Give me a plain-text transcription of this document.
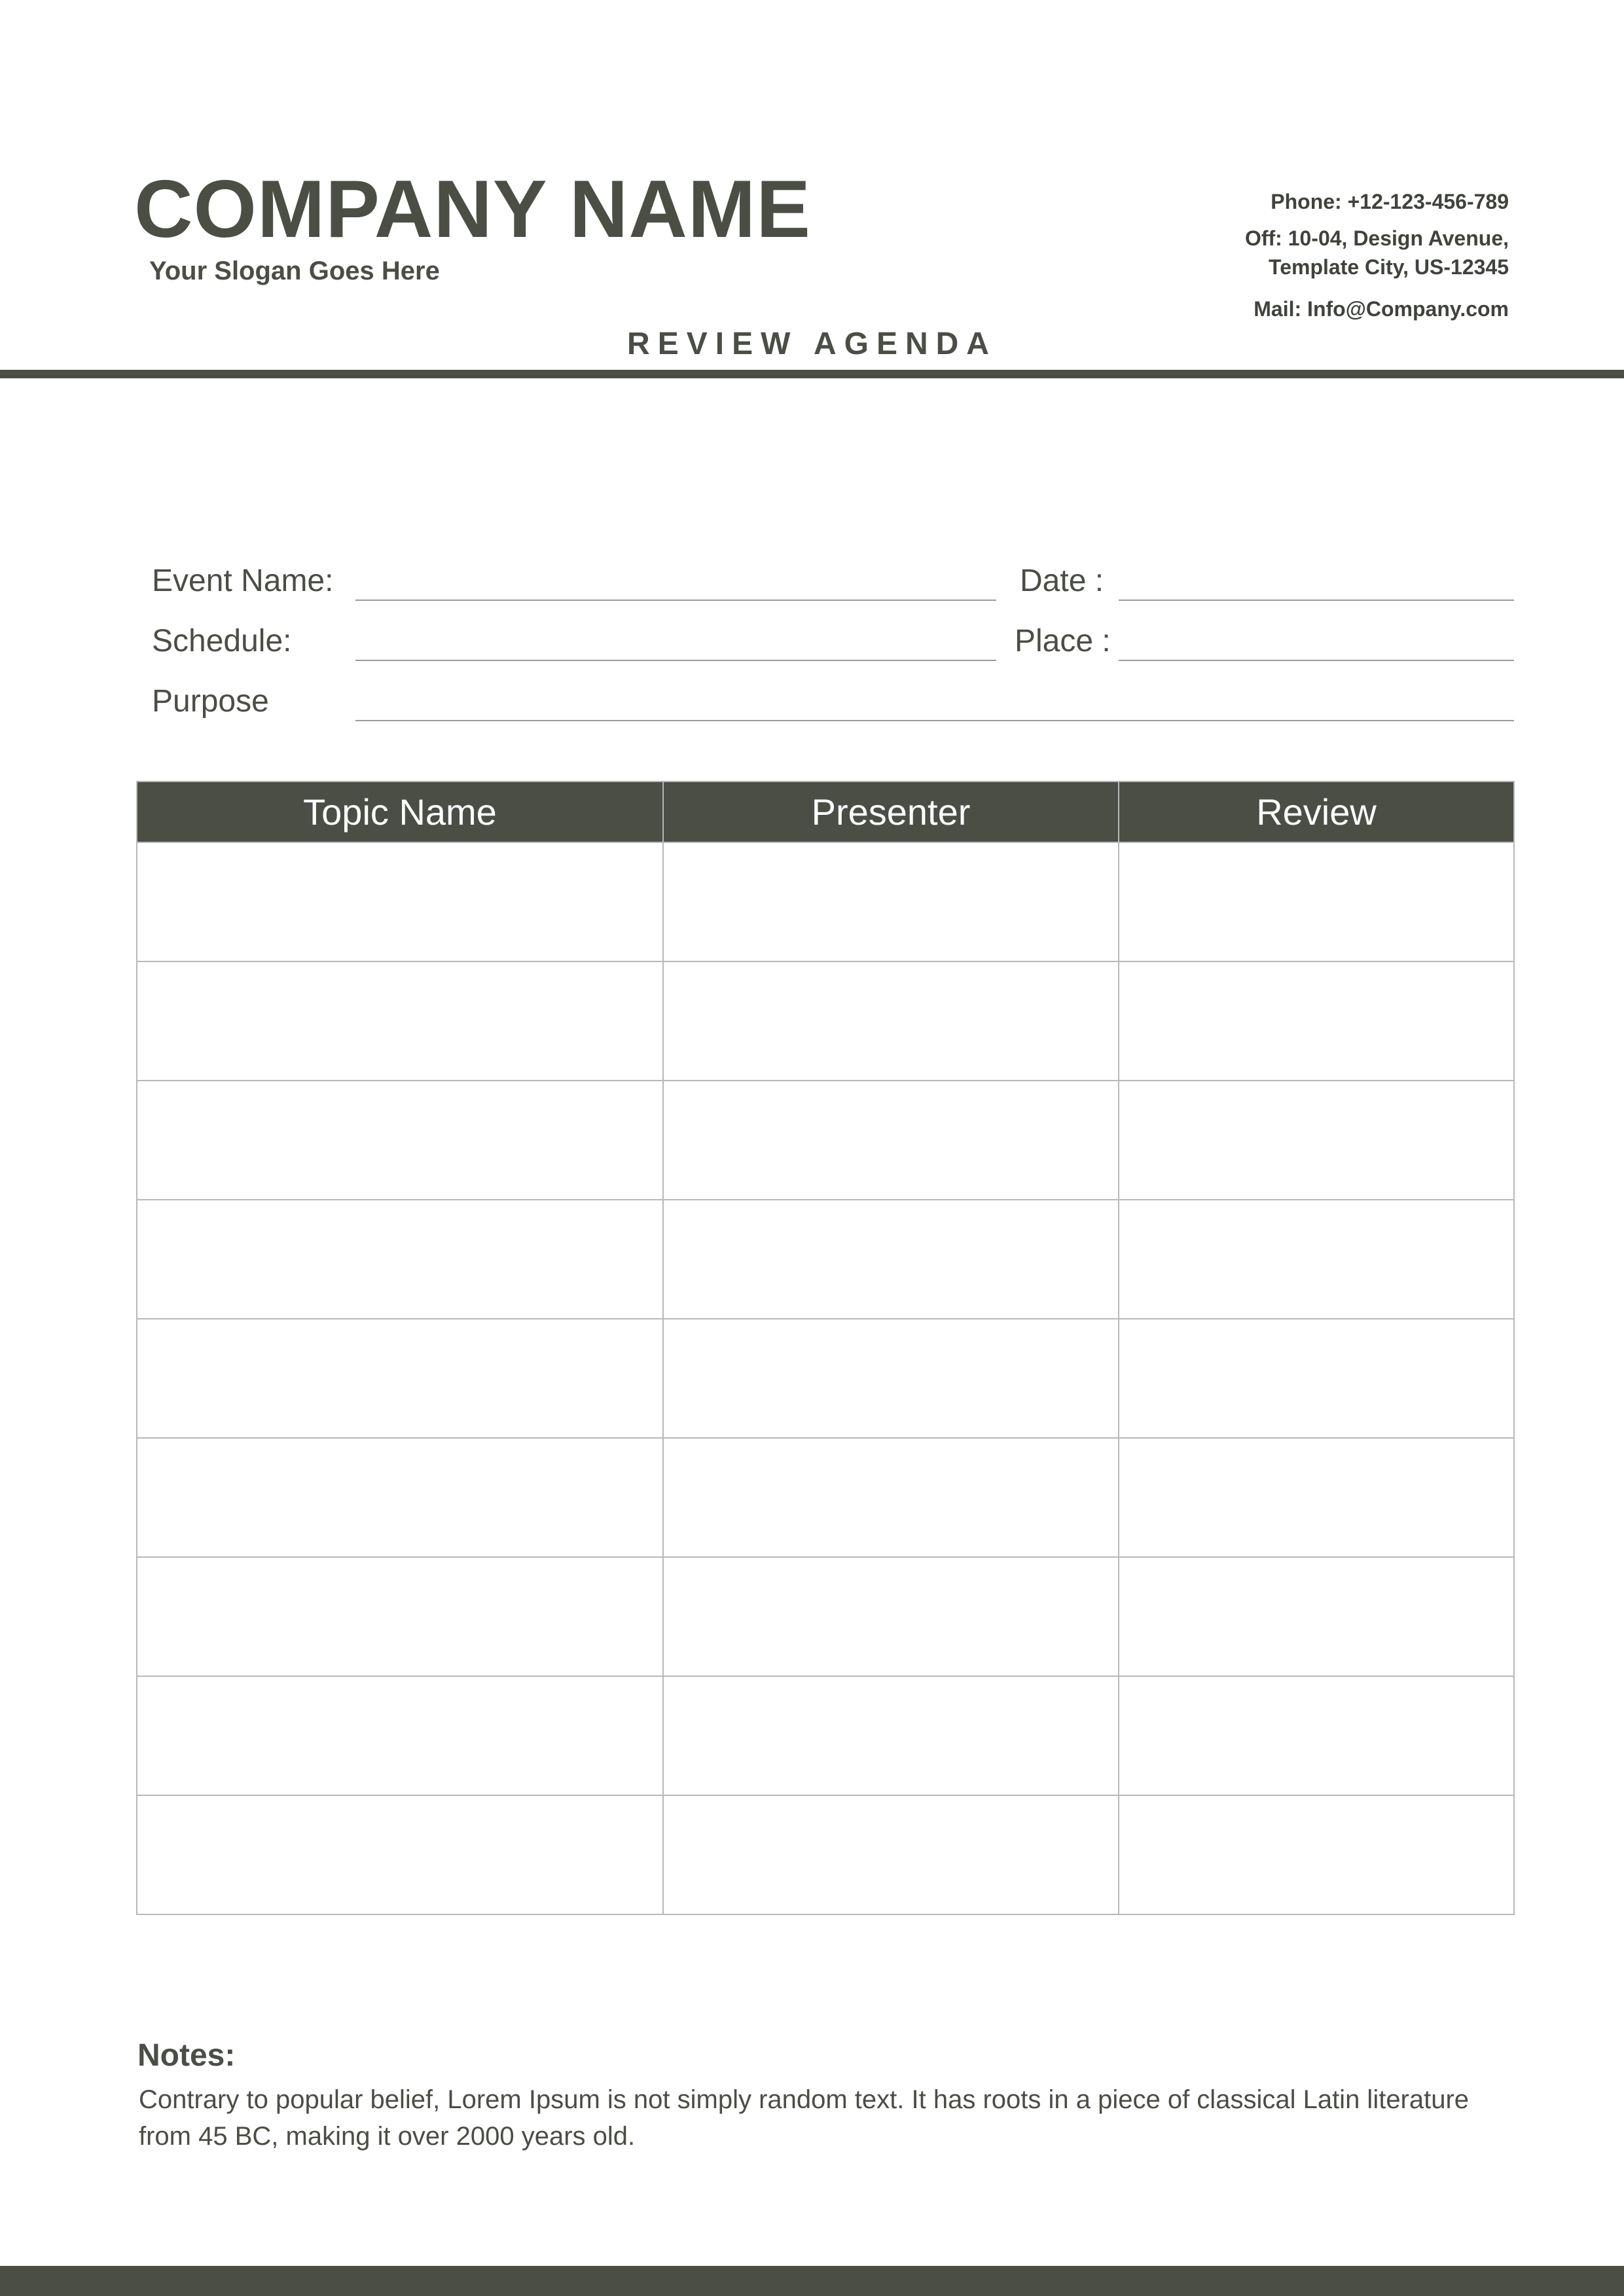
COMPANY NAME
Your Slogan Goes Here
Phone: +12-123-456-789
Off: 10-04, Design Avenue,
Template City, US-12345
Mail: Info@Company.com
REVIEW AGENDA
Event Name:	Date :
Schedule:	Place :
Purpose
Topic Name	Presenter	Review

Notes:
Contrary to popular belief, Lorem Ipsum is not simply random text. It has roots in a piece of classical Latin literature from 45 BC, making it over 2000 years old.
